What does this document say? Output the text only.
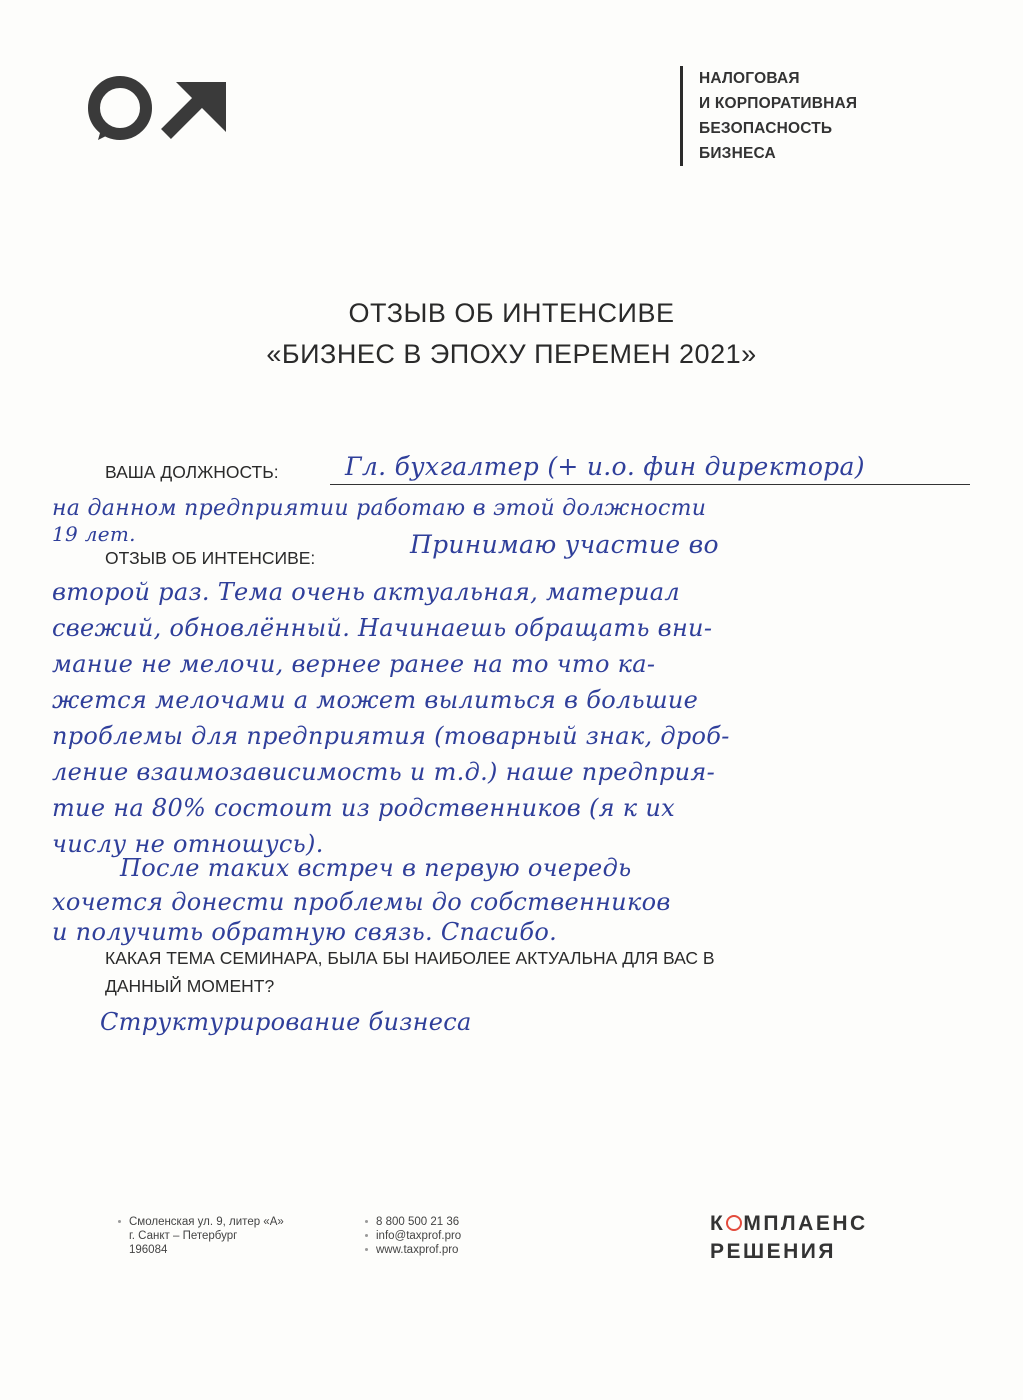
НАЛОГОВАЯ
И КОРПОРАТИВНАЯ
БЕЗОПАСНОСТЬ
БИЗНЕСА
ОТЗЫВ ОБ ИНТЕНСИВЕ
«БИЗНЕС В ЭПОХУ ПЕРЕМЕН 2021»
ВАША ДОЛЖНОСТЬ:	Гл. бухгалтер (+ и.о. фин директора)
на данном предприятии работаю в этой должности
19 лет.
ОТЗЫВ ОБ ИНТЕНСИВЕ:	Принимаю участие во
второй раз. Тема очень актуальная, материал
свежий, обновлённый. Начинаешь обращать вни-
мание не мелочи, вернее ранее на то что ка-
жется мелочами а может вылиться в большие
проблемы для предприятия (товарный знак, дроб-
ление взаимозависимость и т.д.) наше предприя-
тие на 80% состоит из родственников (я к их
числу не отношусь).
После таких встреч в первую очередь
хочется донести проблемы до собственников
и получить обратную связь. Спасибо.
КАКАЯ ТЕМА СЕМИНАРА, БЫЛА БЫ НАИБОЛЕЕ АКТУАЛЬНА ДЛЯ ВАС В
ДАННЫЙ МОМЕНТ?
Структурирование бизнеса
Смоленская ул. 9, литер «А»
г. Санкт – Петербург
196084
8 800 500 21 36
info@taxprof.pro
www.taxprof.pro
К МПЛАЕНС
РЕШЕНИЯ
